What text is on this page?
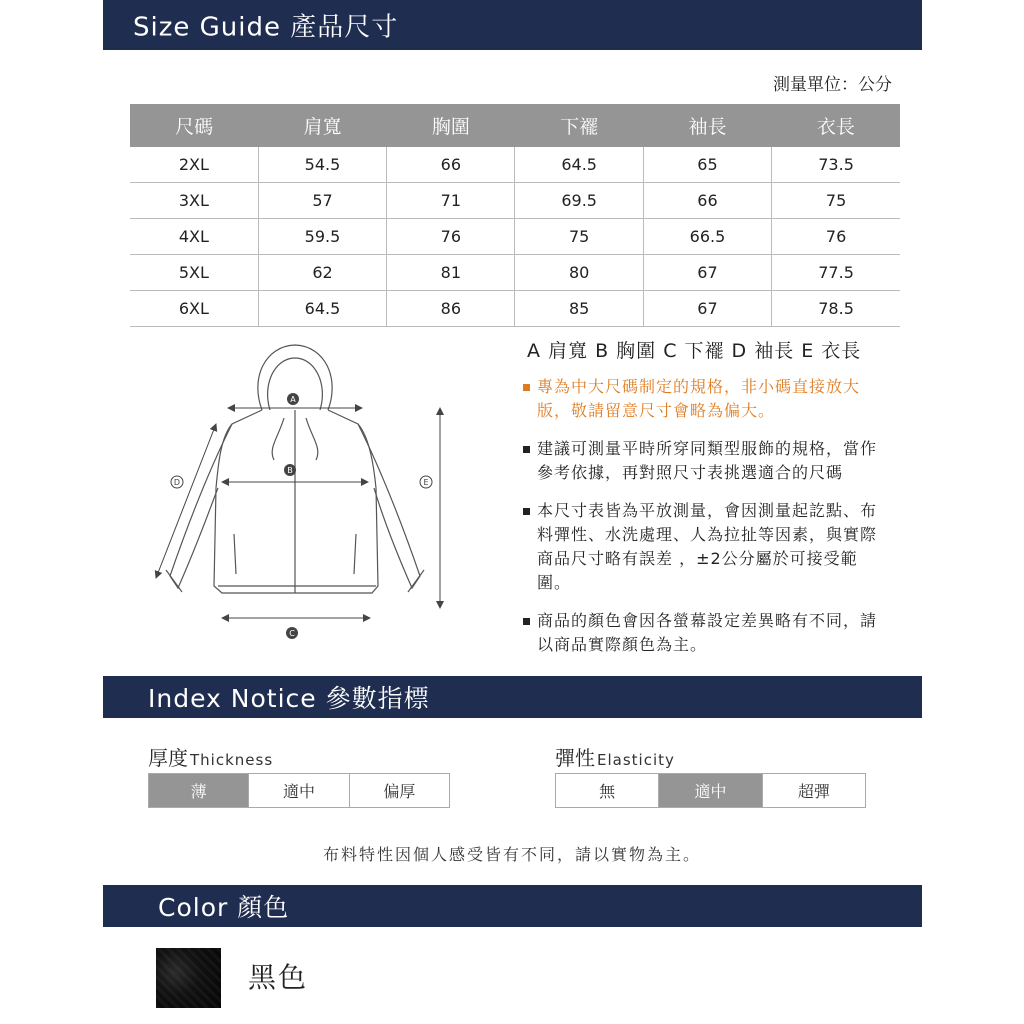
Size Guide 產品尺寸
測量單位：公分
尺碼	肩寬	胸圍	下襬	袖長	衣長
2XL	54.5	66	64.5	65	73.5
3XL	57	71	69.5	66	75
4XL	59.5	76	75	66.5	76
5XL	62	81	80	67	77.5
6XL	64.5	86	85	67	78.5
A
B
C
D	E
A 肩寬 B 胸圍 C 下襬 D 袖長 E 衣長
專為中大尺碼制定的規格，非小碼直接放大版，敬請留意尺寸會略為偏大。
建議可測量平時所穿同類型服飾的規格，當作參考依據，再對照尺寸表挑選適合的尺碼
本尺寸表皆為平放測量，會因測量起訖點、布料彈性、水洗處理、人為拉扯等因素，與實際商品尺寸略有誤差 ，±2公分屬於可接受範圍。
商品的顏色會因各螢幕設定差異略有不同，請以商品實際顏色為主。
Index Notice 參數指標
厚度 Thickness
薄	適中	偏厚
彈性 Elasticity
無	適中	超彈
布料特性因個人感受皆有不同，請以實物為主。
Color 顏色
黑色
